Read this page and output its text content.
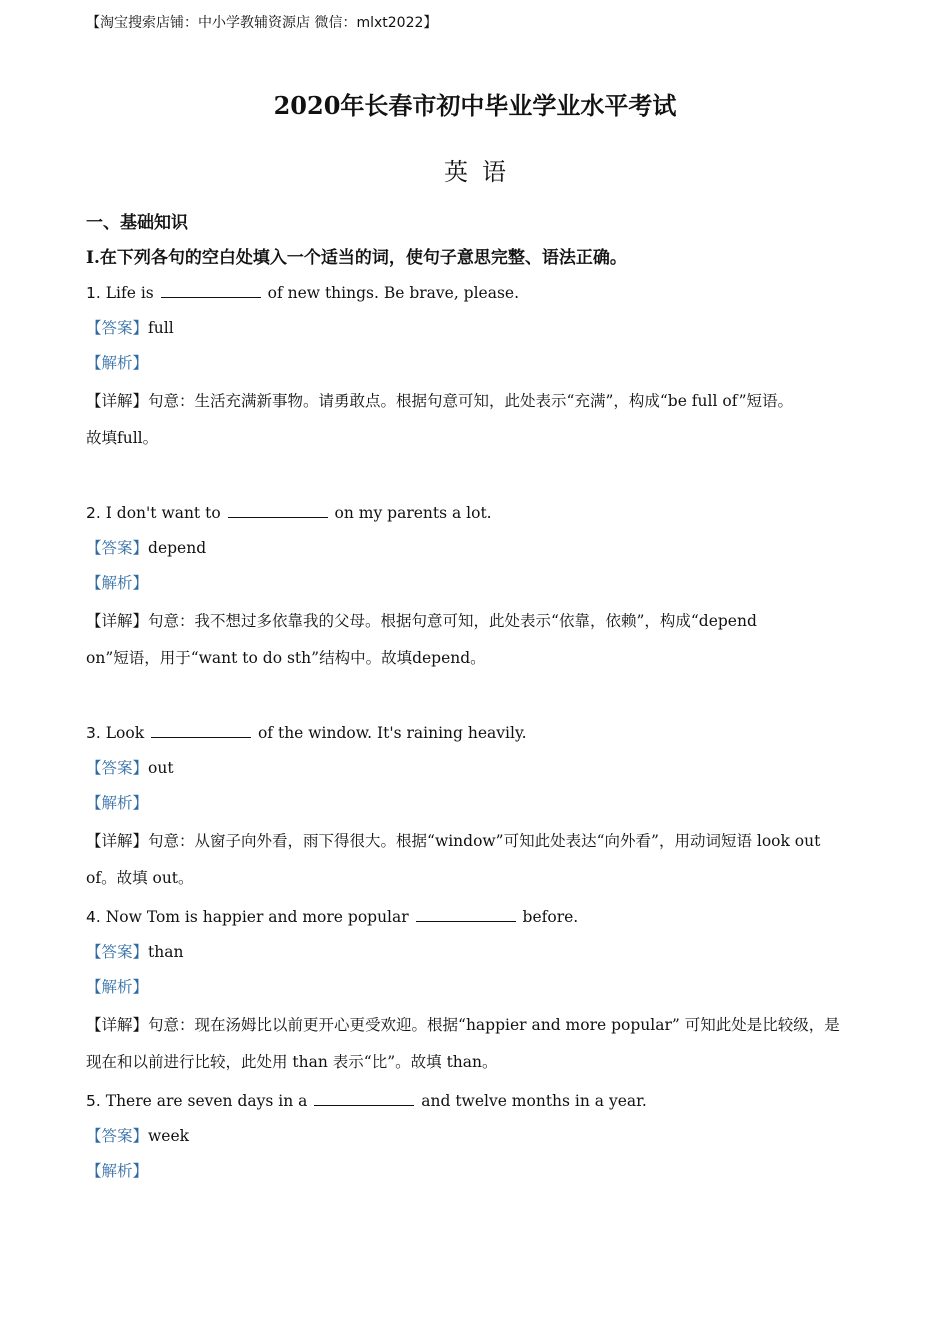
【淘宝搜索店铺：中小学教辅资源店 微信：mlxt2022】
2020年长春市初中毕业学业水平考试
英语
一、基础知识
I.在下列各句的空白处填入一个适当的词，使句子意思完整、语法正确。
1. Life is	of new things. Be brave, please.
【答案】full
【解析】
【详解】句意：生活充满新事物。请勇敢点。根据句意可知，此处表示“充满”，构成“be full of”短语。
故填full。
2. I don't want to	on my parents a lot.
【答案】depend
【解析】
【详解】句意：我不想过多依靠我的父母。根据句意可知，此处表示“依靠，依赖”，构成“depend
on”短语，用于“want to do sth”结构中。故填depend。
3. Look	of the window. It's raining heavily.
【答案】out
【解析】
【详解】句意：从窗子向外看，雨下得很大。根据“window”可知此处表达“向外看”，用动词短语 look out
of。故填 out。
4. Now Tom is happier and more popular	before.
【答案】than
【解析】
【详解】句意：现在汤姆比以前更开心更受欢迎。根据“happier and more popular” 可知此处是比较级，是
现在和以前进行比较，此处用 than 表示“比”。故填 than。
5. There are seven days in a	and twelve months in a year.
【答案】week
【解析】
